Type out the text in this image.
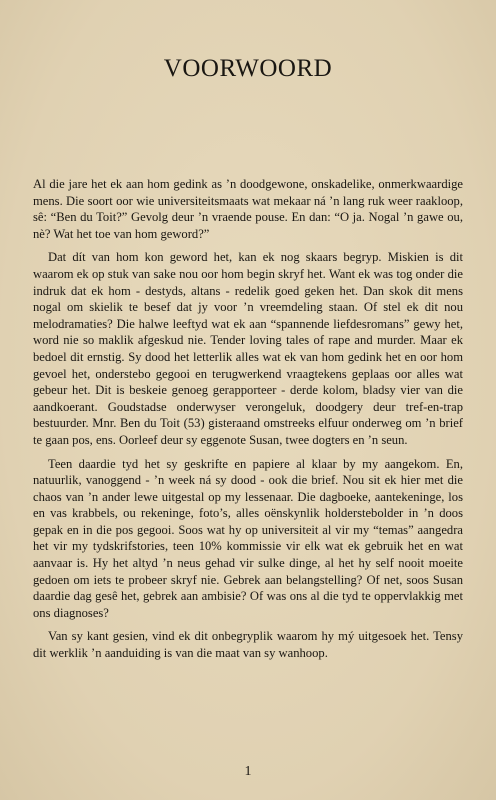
VOORWOORD

Al die jare het ek aan hom gedink as ’n doodgewone, onskadelike, onmerkwaardige mens. Die soort oor wie universiteitsmaats wat mekaar ná ’n lang ruk weer raakloop, sê: “Ben du Toit?” Gevolg deur ’n vraende pouse. En dan: “O ja. Nogal ’n gawe ou, nè? Wat het toe van hom geword?”

Dat dít van hom kon geword het, kan ek nog skaars begryp. Miskien is dit waarom ek op stuk van sake nou oor hom begin skryf het. Want ek was tog onder die indruk dat ek hom - destyds, altans - redelik goed geken het. Dan skok dit mens nogal om skielik te besef dat jy voor ’n vreemdeling staan. Of stel ek dit nou melodramaties? Die halwe leeftyd wat ek aan “spannende liefdesromans” gewy het, word nie so maklik afgeskud nie. Tender loving tales of rape and murder. Maar ek bedoel dit ernstig. Sy dood het letterlik alles wat ek van hom gedink het en oor hom gevoel het, onderstebo gegooi en terugwerkend vraagtekens geplaas oor alles wat gebeur het. Dit is beskeie genoeg gerapporteer - derde kolom, bladsy vier van die aandkoerant. Goudstadse onderwyser verongeluk, doodgery deur tref-en-trap bestuurder. Mnr. Ben du Toit (53) gisteraand omstreeks elfuur onderweg om ’n brief te gaan pos, ens. Oorleef deur sy eggenote Susan, twee dogters en ’n seun.

Teen daardie tyd het sy geskrifte en papiere al klaar by my aangekom. En, natuurlik, vanoggend - ’n week ná sy dood - ook die brief. Nou sit ek hier met die chaos van ’n ander lewe uitgestal op my lessenaar. Die dagboeke, aantekeninge, los en vas krabbels, ou rekeninge, foto’s, alles oënskynlik holderstebolder in ’n doos gepak en in die pos gegooi. Soos wat hy op universiteit al vir my “temas” aangedra het vir my tydskrifstories, teen 10% kommissie vir elk wat ek gebruik het en wat aanvaar is. Hy het altyd ’n neus gehad vir sulke dinge, al het hy self nooit moeite gedoen om iets te probeer skryf nie. Gebrek aan belangstelling? Of net, soos Susan daardie dag gesê het, gebrek aan ambisie? Of was ons al die tyd te oppervlakkig met ons diagnoses?

Van sy kant gesien, vind ek dit onbegryplik waarom hy mý uitgesoek het. Tensy dit werklik ’n aanduiding is van die maat van sy wanhoop.

1
